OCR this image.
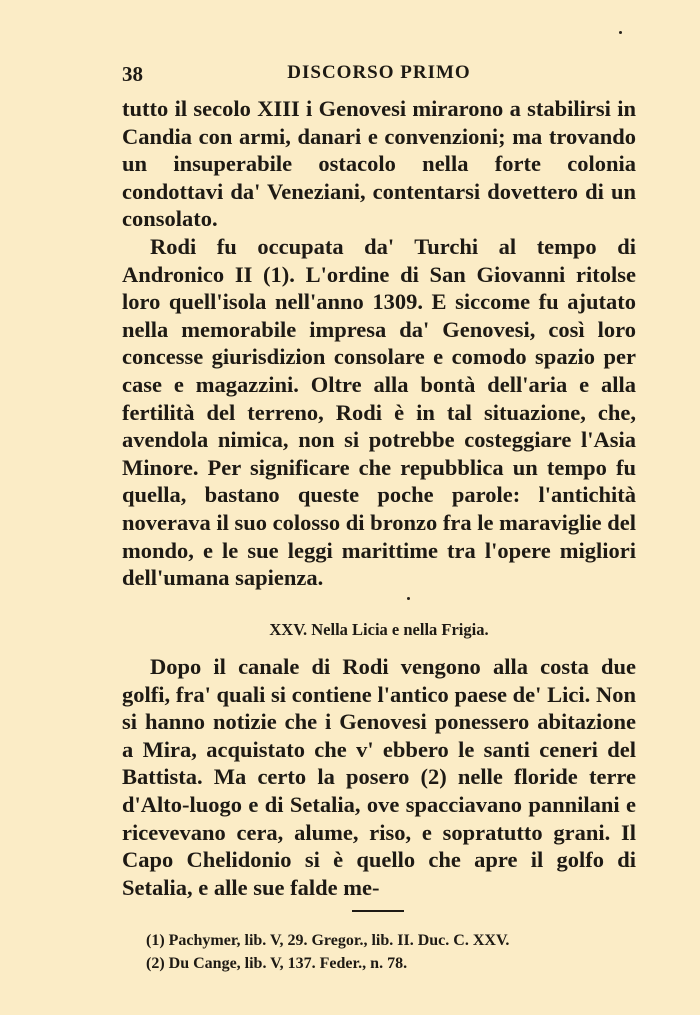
38	DISCORSO PRIMO

tutto il secolo XIII i Genovesi mirarono a stabilirsi in Candia con armi, danari e convenzioni; ma trovando un insuperabile ostacolo nella forte colonia condottavi da' Veneziani, contentarsi dovettero di un consolato.

Rodi fu occupata da' Turchi al tempo di Andronico II (1). L'ordine di San Giovanni ritolse loro quell'isola nell'anno 1309. E siccome fu ajutato nella memorabile impresa da' Genovesi, così loro concesse giurisdizion consolare e comodo spazio per case e magazzini. Oltre alla bontà dell'aria e alla fertilità del terreno, Rodi è in tal situazione, che, avendola nimica, non si potrebbe costeggiare l'Asia Minore. Per significare che repubblica un tempo fu quella, bastano queste poche parole: l'antichità noverava il suo colosso di bronzo fra le maraviglie del mondo, e le sue leggi marittime tra l'opere migliori dell'umana sapienza.

XXV. Nella Licia e nella Frigia.

Dopo il canale di Rodi vengono alla costa due golfi, fra' quali si contiene l'antico paese de' Lici. Non si hanno notizie che i Genovesi ponessero abitazione a Mira, acquistato che v' ebbero le santi ceneri del Battista. Ma certo la posero (2) nelle floride terre d'Alto-luogo e di Setalia, ove spacciavano pannilani e ricevevano cera, alume, riso, e sopratutto grani. Il Capo Chelidonio si è quello che apre il golfo di Setalia, e alle sue falde me-

(1) Pachymer, lib. V, 29. Gregor., lib. II. Duc. C. XXV.
(2) Du Cange, lib. V, 137. Feder., n. 78.
